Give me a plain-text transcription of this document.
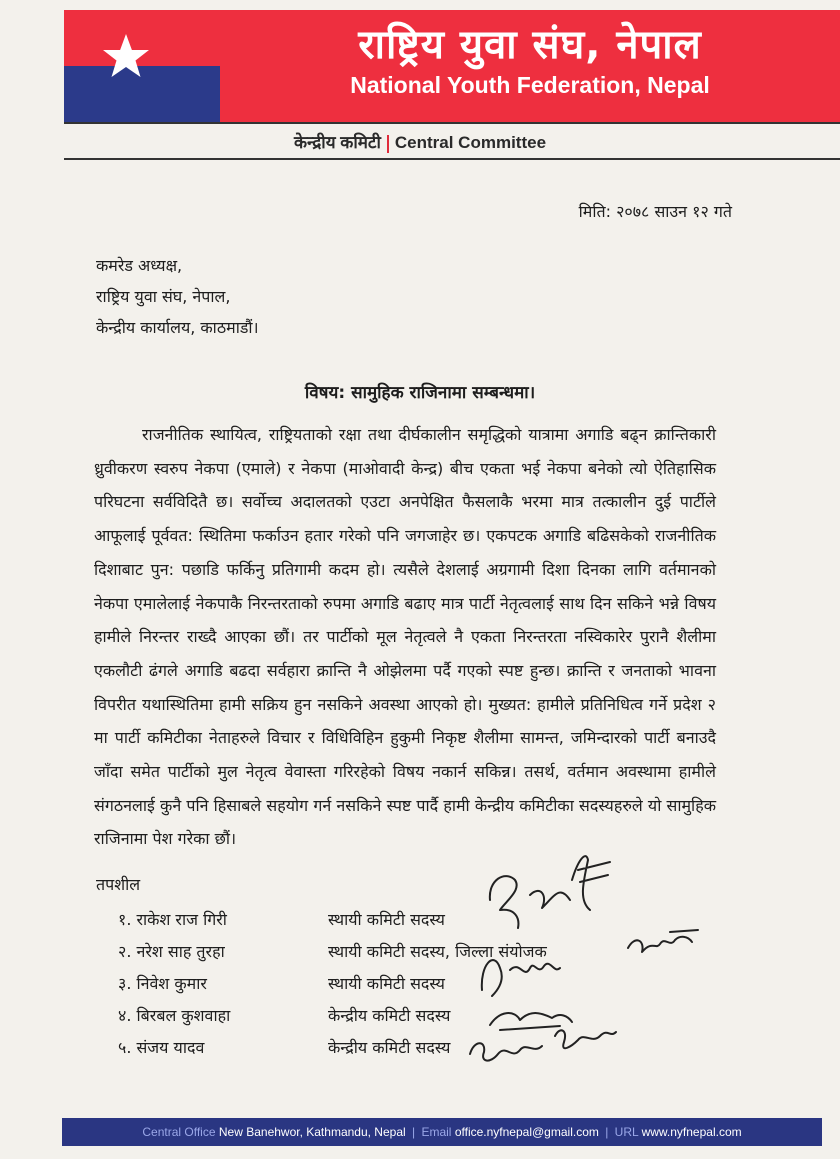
राष्ट्रिय युवा संघ, नेपाल
National Youth Federation, Nepal
केन्द्रीय कमिटी Central Committee
मिति: २०७८ साउन १२ गते
कमरेड अध्यक्ष,
राष्ट्रिय युवा संघ, नेपाल,
केन्द्रीय कार्यालय, काठमाडौं।
विषय: सामुहिक राजिनामा सम्बन्धमा।
राजनीतिक स्थायित्व, राष्ट्रियताको रक्षा तथा दीर्घकालीन समृद्धिको यात्रामा अगाडि बढ्न क्रान्तिकारी ध्रुवीकरण स्वरुप नेकपा (एमाले) र नेकपा (माओवादी केन्द्र) बीच एकता भई नेकपा बनेको त्यो ऐतिहासिक परिघटना सर्वविदितै छ। सर्वोच्च अदालतको एउटा अनपेक्षित फैसलाकै भरमा मात्र तत्कालीन दुई पार्टीले आफूलाई पूर्ववत: स्थितिमा फर्काउन हतार गरेको पनि जगजाहेर छ। एकपटक अगाडि बढिसकेको राजनीतिक दिशाबाट पुन: पछाडि फर्किनु प्रतिगामी कदम हो। त्यसैले देशलाई अग्रगामी दिशा दिनका लागि वर्तमानको नेकपा एमालेलाई नेकपाकै निरन्तरताको रुपमा अगाडि बढाए मात्र पार्टी नेतृत्वलाई साथ दिन सकिने भन्ने विषय हामीले निरन्तर राख्दै आएका छौं। तर पार्टीको मूल नेतृत्वले नै एकता निरन्तरता नस्विकारेर पुरानै शैलीमा एकलौटी ढंगले अगाडि बढदा सर्वहारा क्रान्ति नै ओझेलमा पर्दै गएको स्पष्ट हुन्छ। क्रान्ति र जनताको भावना विपरीत यथास्थितिमा हामी सक्रिय हुन नसकिने अवस्था आएको हो। मुख्यत: हामीले प्रतिनिधित्व गर्ने प्रदेश २ मा पार्टी कमिटीका नेताहरुले विचार र विधिविहिन हुकुमी निकृष्ट शैलीमा सामन्त, जमिन्दारको पार्टी बनाउदै जाँदा समेत पार्टीको मुल नेतृत्व वेवास्ता गरिरहेको विषय नकार्न सकिन्न। तसर्थ, वर्तमान अवस्थामा हामीले संगठनलाई कुनै पनि हिसाबले सहयोग गर्न नसकिने स्पष्ट पार्दै हामी केन्द्रीय कमिटीका सदस्यहरुले यो सामुहिक राजिनामा पेश गरेका छौं।
तपशील
१. राकेश राज गिरी	स्थायी कमिटी सदस्य
२. नरेश साह तुरहा	स्थायी कमिटी सदस्य, जिल्ला संयोजक
३. निवेश कुमार	स्थायी कमिटी सदस्य
४. बिरबल कुशवाहा	केन्द्रीय कमिटी सदस्य
५. संजय यादव	केन्द्रीय कमिटी सदस्य
Central Office New Banehwor, Kathmandu, Nepal | Email office.nyfnepal@gmail.com | URL www.nyfnepal.com
